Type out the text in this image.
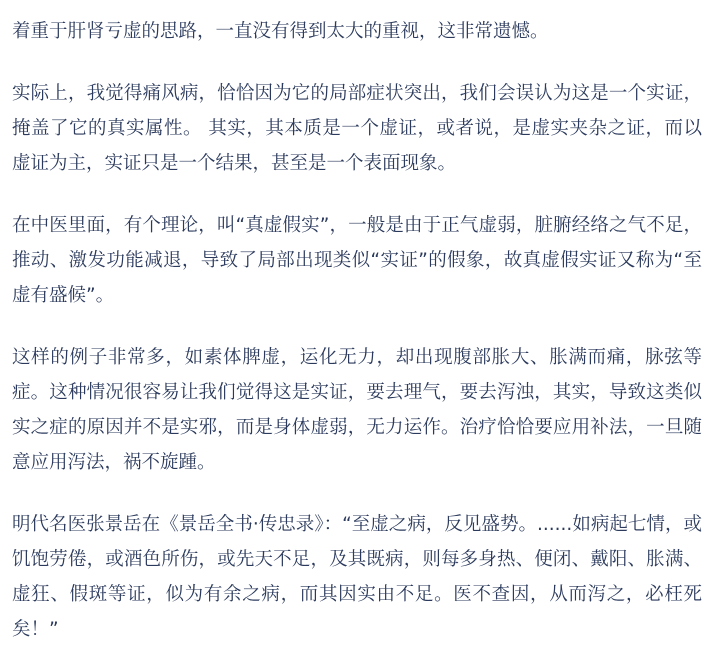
着重于肝肾亏虚的思路，一直没有得到太大的重视，这非常遗憾。

实际上，我觉得痛风病，恰恰因为它的局部症状突出，我们会误认为这是一个实证，掩盖了它的真实属性。 其实，其本质是一个虚证，或者说，是虚实夹杂之证，而以虚证为主，实证只是一个结果，甚至是一个表面现象。

在中医里面，有个理论，叫“真虚假实”，一般是由于正气虚弱，脏腑经络之气不足，推动、激发功能减退，导致了局部出现类似“实证”的假象，故真虚假实证又称为“至虚有盛候”。

这样的例子非常多，如素体脾虚，运化无力，却出现腹部胀大、胀满而痛，脉弦等症。这种情况很容易让我们觉得这是实证，要去理气，要去泻浊，其实，导致这类似实之症的原因并不是实邪，而是身体虚弱，无力运作。治疗恰恰要应用补法，一旦随意应用泻法，祸不旋踵。

明代名医张景岳在《景岳全书·传忠录》：“至虚之病，反见盛势。......如病起七情，或饥饱劳倦，或酒色所伤，或先天不足，及其既病，则每多身热、便闭、戴阳、胀满、虚狂、假斑等证，似为有余之病，而其因实由不足。医不查因，从而泻之，必枉死矣！”
